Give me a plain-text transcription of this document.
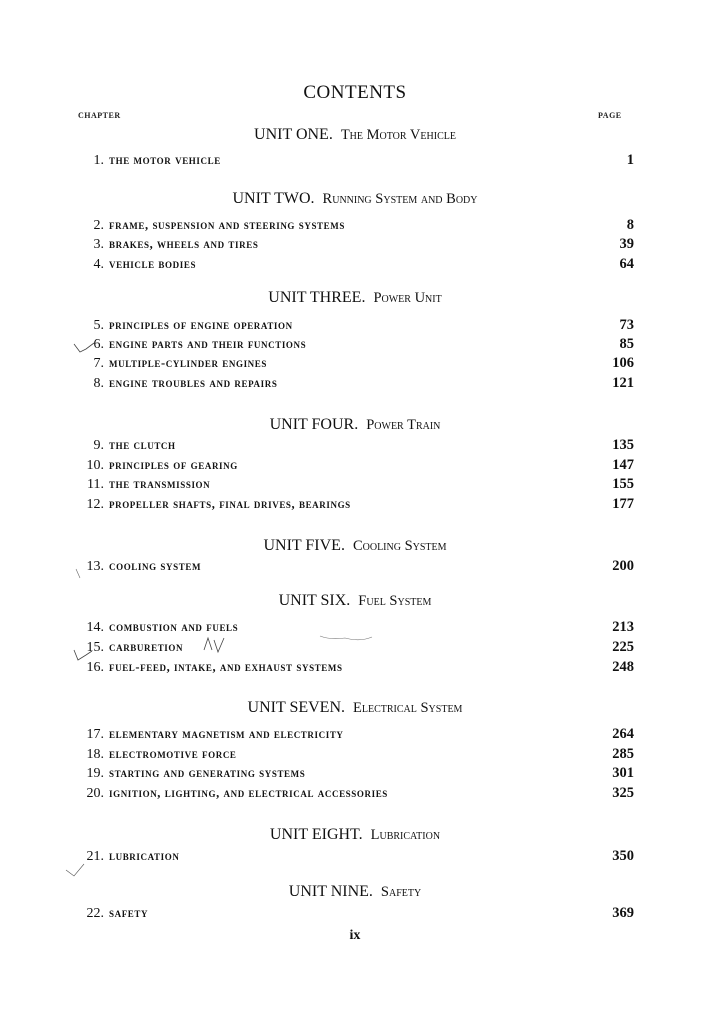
CONTENTS
CHAPTER	PAGE
UNIT ONE. The Motor Vehicle
1. the motor vehicle	1
UNIT TWO. Running System and Body
2. frame, suspension and steering systems	8
3. brakes, wheels and tires	39
4. vehicle bodies	64
UNIT THREE. Power Unit
5. principles of engine operation	73
6. engine parts and their functions	85
7. multiple-cylinder engines	106
8. engine troubles and repairs	121
UNIT FOUR. Power Train
9. the clutch	135
10. principles of gearing	147
11. the transmission	155
12. propeller shafts, final drives, bearings	177
UNIT FIVE. Cooling System
13. cooling system	200
UNIT SIX. Fuel System
14. combustion and fuels	213
15. carburetion	225
16. fuel-feed, intake, and exhaust systems	248
UNIT SEVEN. Electrical System
17. elementary magnetism and electricity	264
18. electromotive force	285
19. starting and generating systems	301
20. ignition, lighting, and electrical accessories	325
UNIT EIGHT. Lubrication
21. lubrication	350
UNIT NINE. Safety
22. safety	369
ix
